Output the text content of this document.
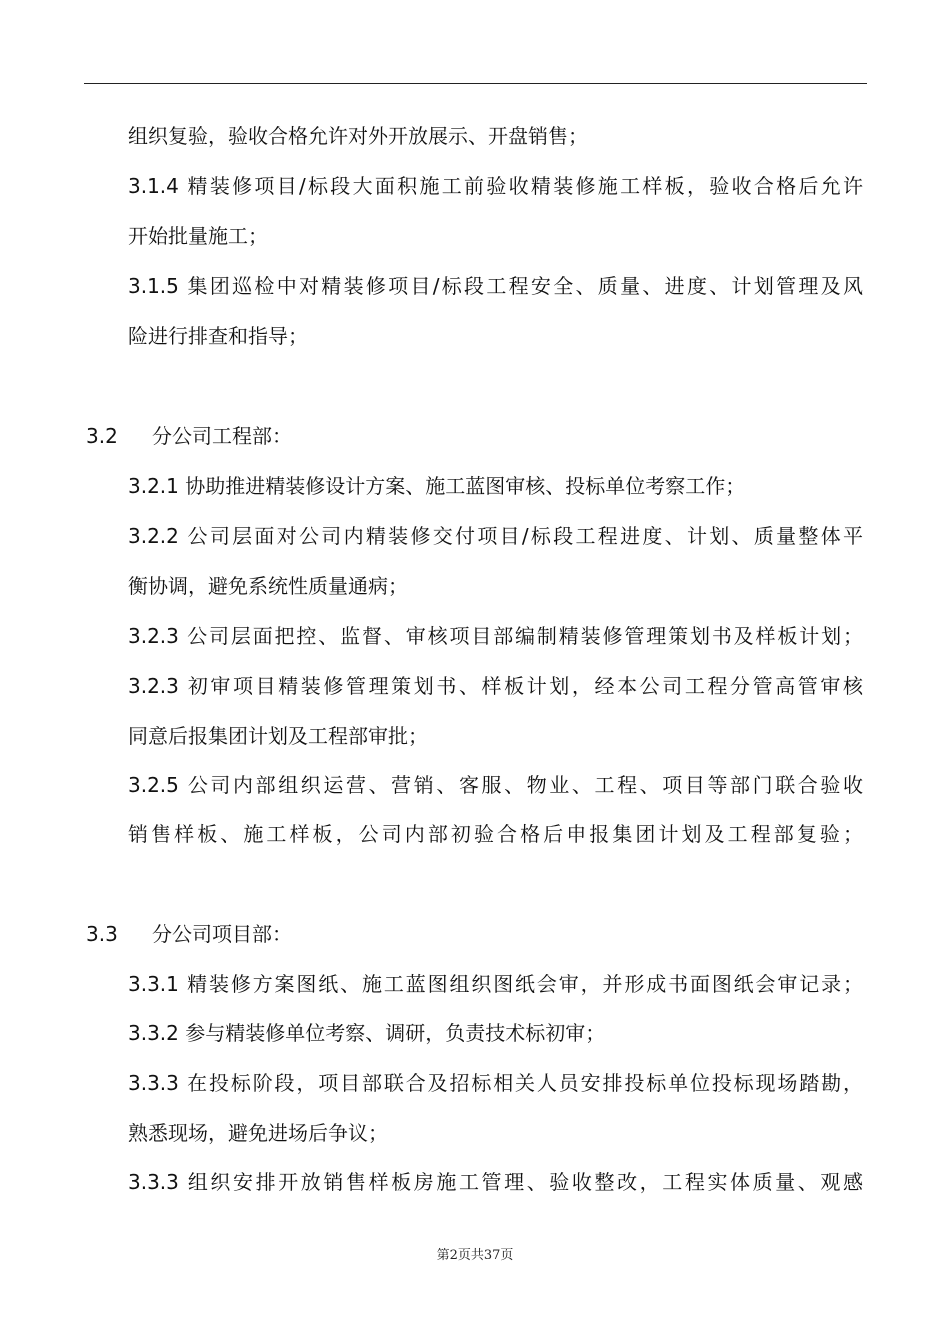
组织复验，验收合格允许对外开放展示、开盘销售；
3.1.4 精装修项目/标段大面积施工前验收精装修施工样板，验收合格后允许
开始批量施工；
3.1.5 集团巡检中对精装修项目/标段工程安全、质量、进度、计划管理及风
险进行排查和指导；
3.2 分公司工程部：
3.2.1 协助推进精装修设计方案、施工蓝图审核、投标单位考察工作；
3.2.2 公司层面对公司内精装修交付项目/标段工程进度、计划、质量整体平
衡协调，避免系统性质量通病；
3.2.3 公司层面把控、监督、审核项目部编制精装修管理策划书及样板计划；
3.2.3 初审项目精装修管理策划书、样板计划，经本公司工程分管高管审核
同意后报集团计划及工程部审批；
3.2.5 公司内部组织运营、营销、客服、物业、工程、项目等部门联合验收
销售样板、施工样板，公司内部初验合格后申报集团计划及工程部复验；
3.3 分公司项目部：
3.3.1 精装修方案图纸、施工蓝图组织图纸会审，并形成书面图纸会审记录；
3.3.2 参与精装修单位考察、调研，负责技术标初审；
3.3.3 在投标阶段，项目部联合及招标相关人员安排投标单位投标现场踏勘，
熟悉现场，避免进场后争议；
3.3.3 组织安排开放销售样板房施工管理、验收整改，工程实体质量、观感
第2页共37页
